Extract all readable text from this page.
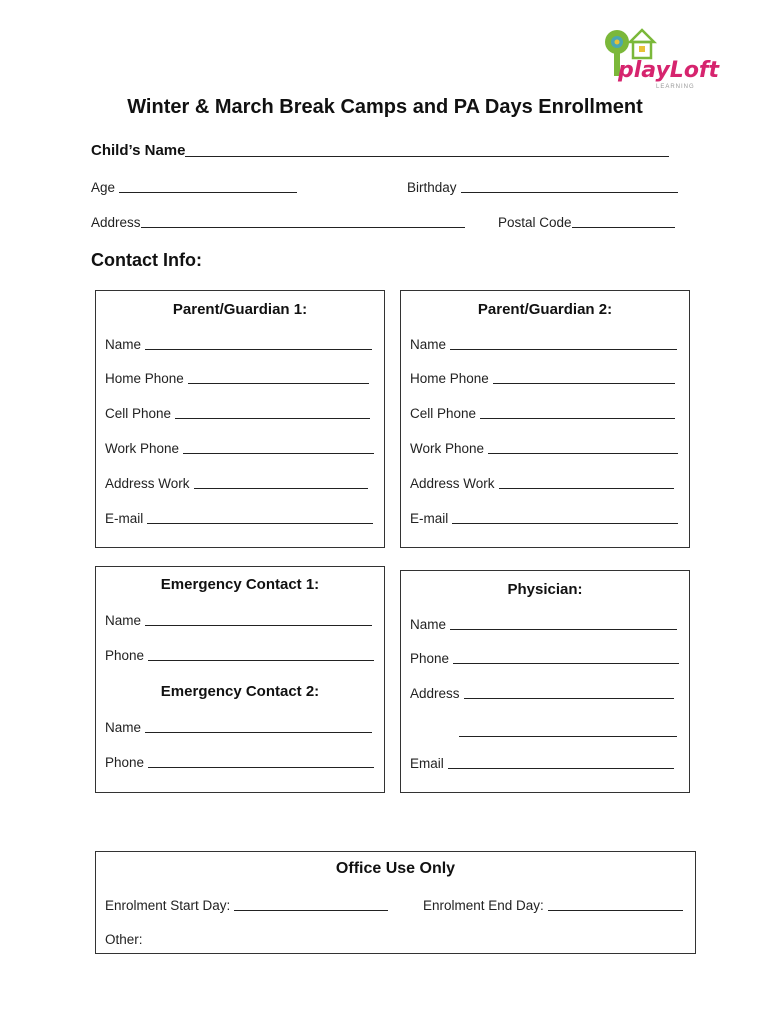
playLoft
LEARNING
Winter & March Break Camps and PA Days Enrollment
Child’s Name
Age	Birthday
Address	Postal Code
Contact Info:
Parent/Guardian 1:
Name
Home Phone
Cell Phone
Work Phone
Address Work
E-mail
Parent/Guardian 2:
Name
Home Phone
Cell Phone
Work Phone
Address Work
E-mail
Emergency Contact 1:
Name
Phone
Emergency Contact 2:
Name
Phone
Physician:
Name
Phone
Address
Email
Office Use Only
Enrolment Start Day:	Enrolment End Day:
Other:
